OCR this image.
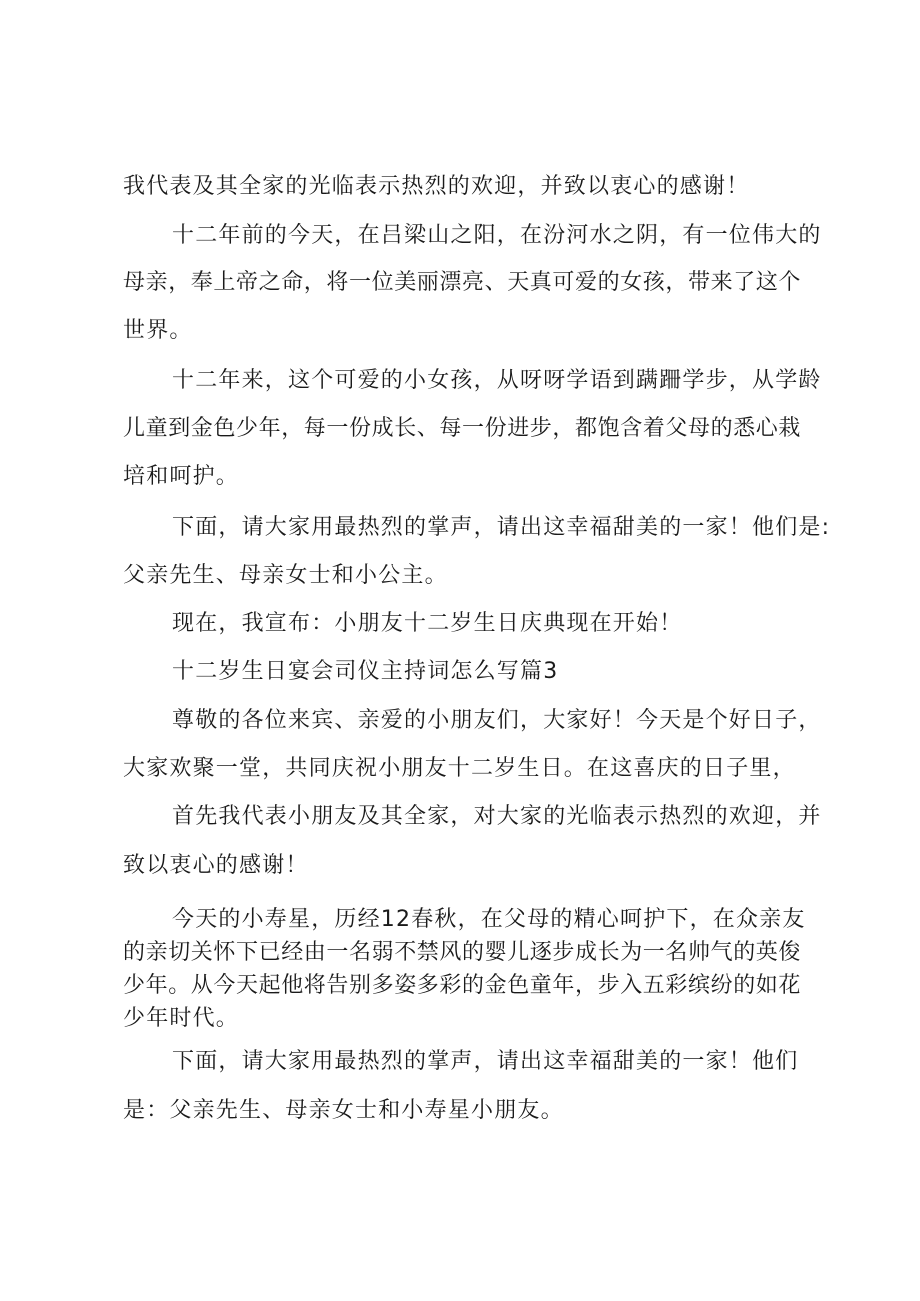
我代表及其全家的光临表示热烈的欢迎，并致以衷心的感谢！
十二年前的今天，在吕梁山之阳，在汾河水之阴，有一位伟大的
母亲，奉上帝之命，将一位美丽漂亮、天真可爱的女孩，带来了这个
世界。
十二年来，这个可爱的小女孩，从呀呀学语到蹒跚学步，从学龄
儿童到金色少年，每一份成长、每一份进步，都饱含着父母的悉心栽
培和呵护。
下面，请大家用最热烈的掌声，请出这幸福甜美的一家！他们是:
父亲先生、母亲女士和小公主。
现在，我宣布：小朋友十二岁生日庆典现在开始！
十二岁生日宴会司仪主持词怎么写篇3
尊敬的各位来宾、亲爱的小朋友们，大家好！今天是个好日子，
大家欢聚一堂，共同庆祝小朋友十二岁生日。在这喜庆的日子里，
首先我代表小朋友及其全家，对大家的光临表示热烈的欢迎，并
致以衷心的感谢！
今天的小寿星，历经12春秋，在父母的精心呵护下，在众亲友
的亲切关怀下已经由一名弱不禁风的婴儿逐步成长为一名帅气的英俊
少年。从今天起他将告别多姿多彩的金色童年，步入五彩缤纷的如花
少年时代。
下面，请大家用最热烈的掌声，请出这幸福甜美的一家！他们
是：父亲先生、母亲女士和小寿星小朋友。
